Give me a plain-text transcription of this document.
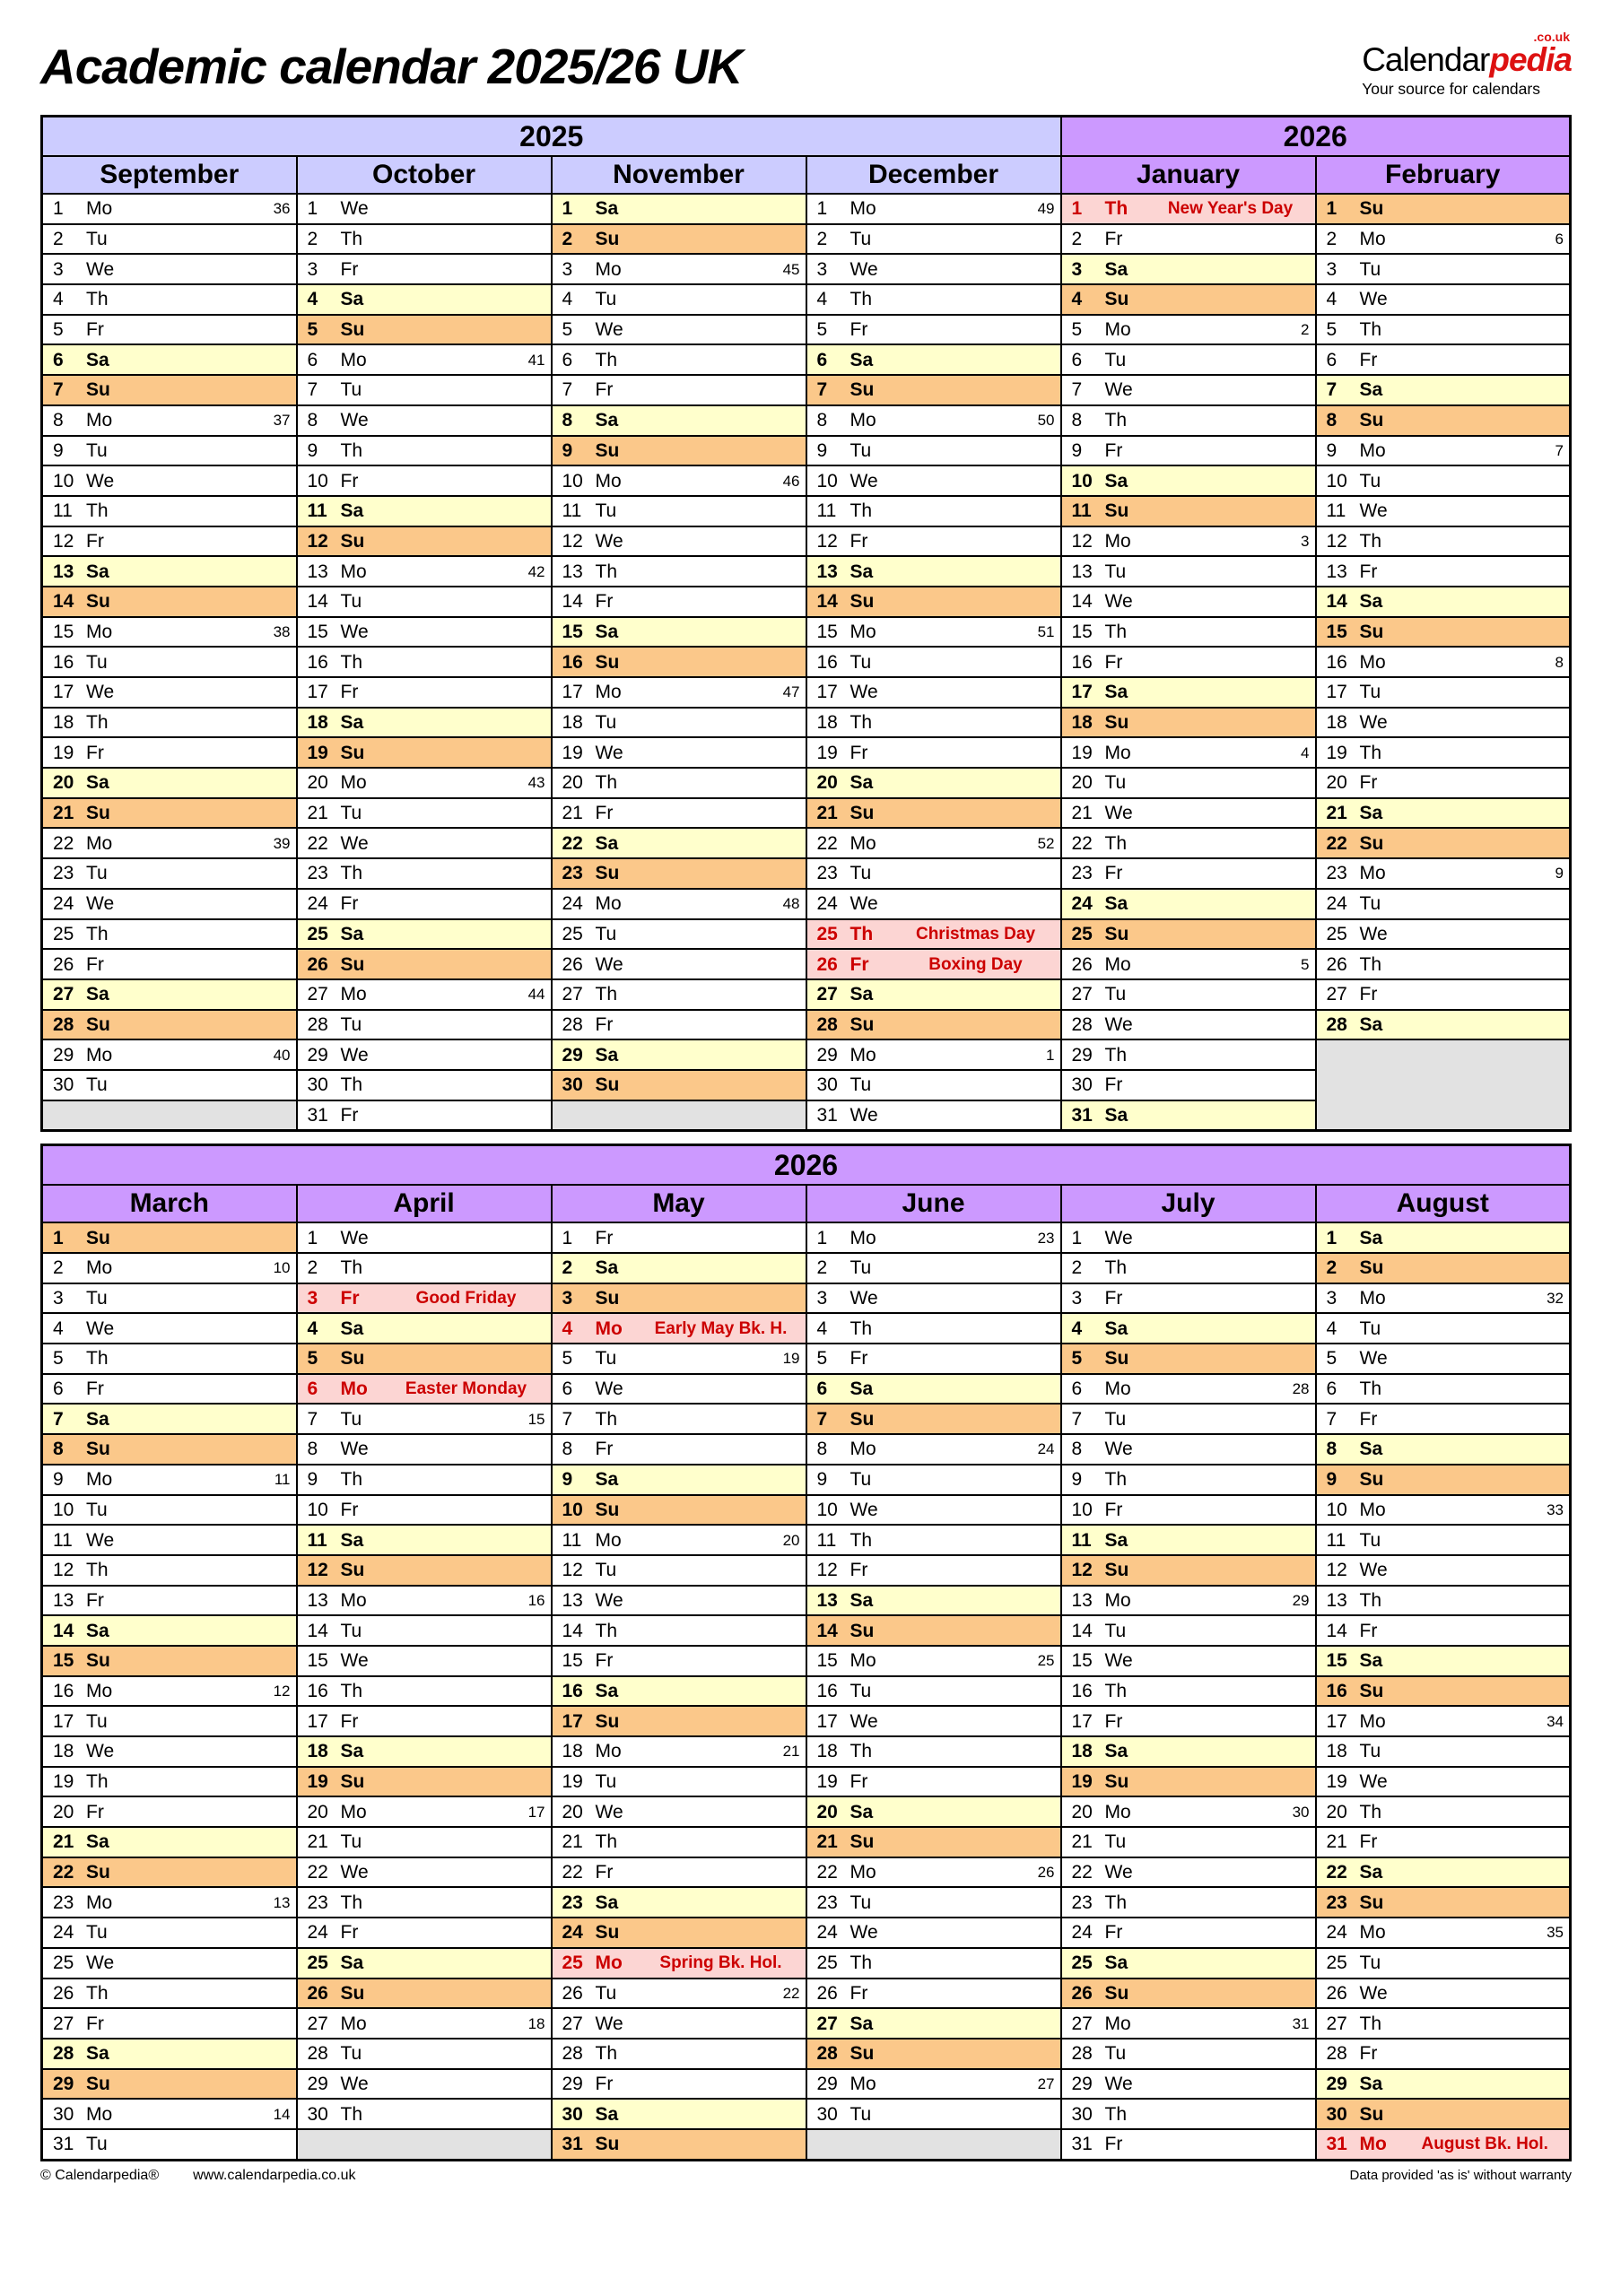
Academic calendar 2025/26 UK
.co.uk
Calendarpedia
Your source for calendars
2025				2026	
September	October	November	December	January	February

1 Mo 36	1 We	1 Sa	1 Mo 49	1 Th New Year's Day	1 Su

2 Tu	2 Th	2 Su	2 Tu	2 Fr	2 Mo 6

3 We	3 Fr	3 Mo 45	3 We	3 Sa	3 Tu

4 Th	4 Sa	4 Tu	4 Th	4 Su	4 We

5 Fr	5 Su	5 We	5 Fr	5 Mo 2	5 Th

6 Sa	6 Mo 41	6 Th	6 Sa	6 Tu	6 Fr

7 Su	7 Tu	7 Fr	7 Su	7 We	7 Sa

8 Mo 37	8 We	8 Sa	8 Mo 50	8 Th	8 Su

9 Tu	9 Th	9 Su	9 Tu	9 Fr	9 Mo 7

10 We	10 Fr	10 Mo 46	10 We	10 Sa	10 Tu

11 Th	11 Sa	11 Tu	11 Th	11 Su	11 We

12 Fr	12 Su	12 We	12 Fr	12 Mo 3	12 Th

13 Sa	13 Mo 42	13 Th	13 Sa	13 Tu	13 Fr

14 Su	14 Tu	14 Fr	14 Su	14 We	14 Sa

15 Mo 38	15 We	15 Sa	15 Mo 51	15 Th	15 Su

16 Tu	16 Th	16 Su	16 Tu	16 Fr	16 Mo 8

17 We	17 Fr	17 Mo 47	17 We	17 Sa	17 Tu

18 Th	18 Sa	18 Tu	18 Th	18 Su	18 We

19 Fr	19 Su	19 We	19 Fr	19 Mo 4	19 Th

20 Sa	20 Mo 43	20 Th	20 Sa	20 Tu	20 Fr

21 Su	21 Tu	21 Fr	21 Su	21 We	21 Sa

22 Mo 39	22 We	22 Sa	22 Mo 52	22 Th	22 Su

23 Tu	23 Th	23 Su	23 Tu	23 Fr	23 Mo 9

24 We	24 Fr	24 Mo 48	24 We	24 Sa	24 Tu

25 Th	25 Sa	25 Tu	25 Th Christmas Day	25 Su	25 We

26 Fr	26 Su	26 We	26 Fr Boxing Day	26 Mo 5	26 Th

27 Sa	27 Mo 44	27 Th	27 Sa	27 Tu	27 Fr

28 Su	28 Tu	28 Fr	28 Su	28 We	28 Sa

29 Mo 40	29 We	29 Sa	29 Mo 1	29 Th	

30 Tu	30 Th	30 Su	30 Tu	30 Fr	

	31 Fr		31 We	31 Sa	
2026					
March	April	May	June	July	August

1 Su	1 We	1 Fr	1 Mo 23	1 We	1 Sa

2 Mo 10	2 Th	2 Sa	2 Tu	2 Th	2 Su

3 Tu	3 Fr Good Friday	3 Su	3 We	3 Fr	3 Mo 32

4 We	4 Sa	4 Mo Early May Bk. H.	4 Th	4 Sa	4 Tu

5 Th	5 Su	5 Tu 19	5 Fr	5 Su	5 We

6 Fr	6 Mo Easter Monday	6 We	6 Sa	6 Mo 28	6 Th

7 Sa	7 Tu 15	7 Th	7 Su	7 Tu	7 Fr

8 Su	8 We	8 Fr	8 Mo 24	8 We	8 Sa

9 Mo 11	9 Th	9 Sa	9 Tu	9 Th	9 Su

10 Tu	10 Fr	10 Su	10 We	10 Fr	10 Mo 33

11 We	11 Sa	11 Mo 20	11 Th	11 Sa	11 Tu

12 Th	12 Su	12 Tu	12 Fr	12 Su	12 We

13 Fr	13 Mo 16	13 We	13 Sa	13 Mo 29	13 Th

14 Sa	14 Tu	14 Th	14 Su	14 Tu	14 Fr

15 Su	15 We	15 Fr	15 Mo 25	15 We	15 Sa

16 Mo 12	16 Th	16 Sa	16 Tu	16 Th	16 Su

17 Tu	17 Fr	17 Su	17 We	17 Fr	17 Mo 34

18 We	18 Sa	18 Mo 21	18 Th	18 Sa	18 Tu

19 Th	19 Su	19 Tu	19 Fr	19 Su	19 We

20 Fr	20 Mo 17	20 We	20 Sa	20 Mo 30	20 Th

21 Sa	21 Tu	21 Th	21 Su	21 Tu	21 Fr

22 Su	22 We	22 Fr	22 Mo 26	22 We	22 Sa

23 Mo 13	23 Th	23 Sa	23 Tu	23 Th	23 Su

24 Tu	24 Fr	24 Su	24 We	24 Fr	24 Mo 35

25 We	25 Sa	25 Mo Spring Bk. Hol.	25 Th	25 Sa	25 Tu

26 Th	26 Su	26 Tu 22	26 Fr	26 Su	26 We

27 Fr	27 Mo 18	27 We	27 Sa	27 Mo 31	27 Th

28 Sa	28 Tu	28 Th	28 Su	28 Tu	28 Fr

29 Su	29 We	29 Fr	29 Mo 27	29 We	29 Sa

30 Mo 14	30 Th	30 Sa	30 Tu	30 Th	30 Su

31 Tu		31 Su		31 Fr	31 Mo August Bk. Hol.
© Calendarpedia® www.calendarpedia.co.uk	Data provided 'as is' without warranty
